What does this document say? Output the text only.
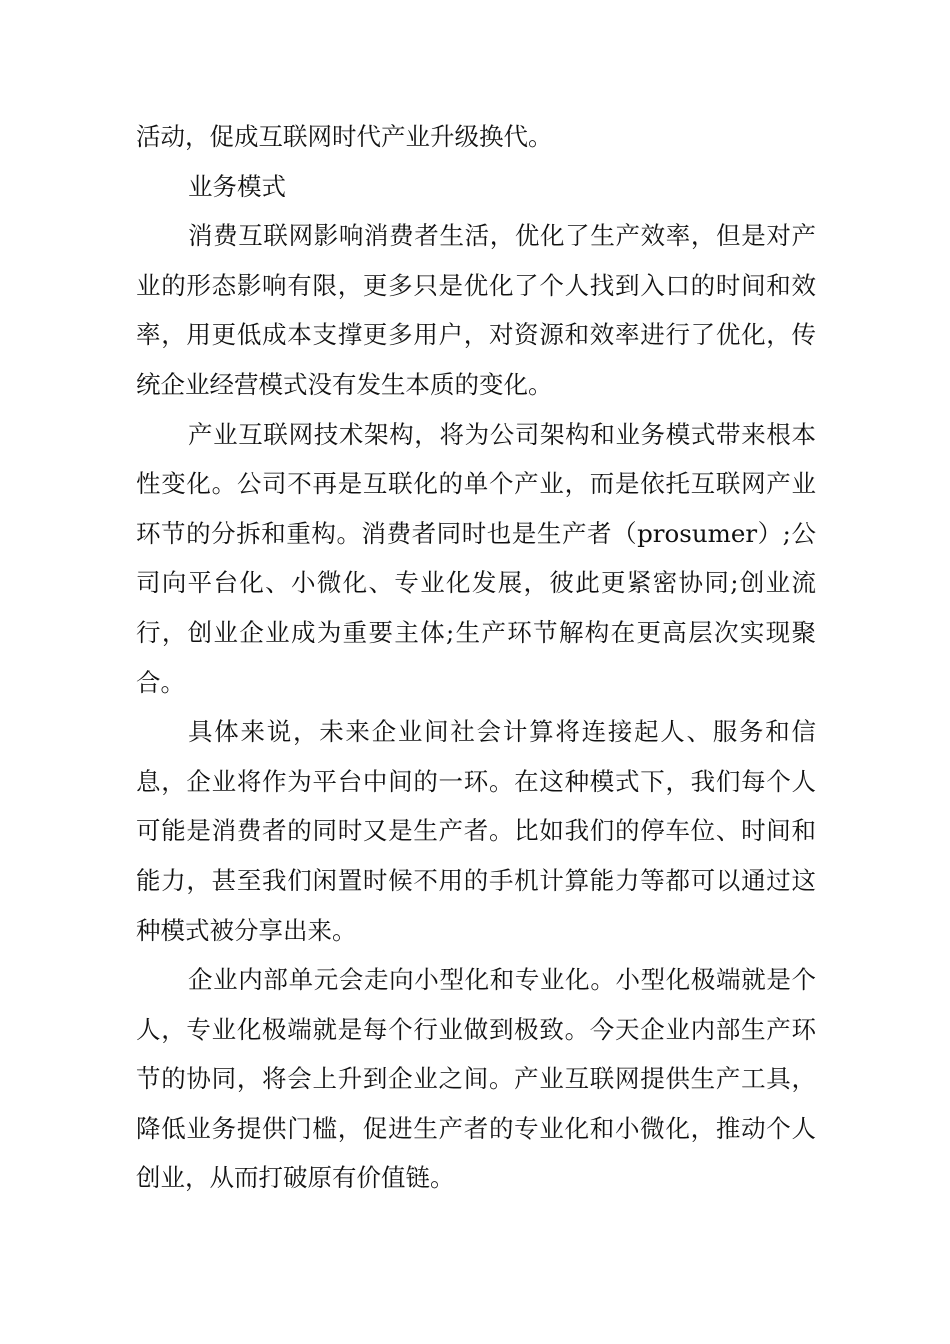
活动，促成互联网时代产业升级换代。

业务模式

消费互联网影响消费者生活，优化了生产效率，但是对产业的形态影响有限，更多只是优化了个人找到入口的时间和效率，用更低成本支撑更多用户，对资源和效率进行了优化，传统企业经营模式没有发生本质的变化。

产业互联网技术架构，将为公司架构和业务模式带来根本性变化。公司不再是互联化的单个产业，而是依托互联网产业环节的分拆和重构。消费者同时也是生产者（prosumer）;公司向平台化、小微化、专业化发展，彼此更紧密协同;创业流行，创业企业成为重要主体;生产环节解构在更高层次实现聚合。

具体来说，未来企业间社会计算将连接起人、服务和信息，企业将作为平台中间的一环。在这种模式下，我们每个人可能是消费者的同时又是生产者。比如我们的停车位、时间和能力，甚至我们闲置时候不用的手机计算能力等都可以通过这种模式被分享出来。

企业内部单元会走向小型化和专业化。小型化极端就是个人，专业化极端就是每个行业做到极致。今天企业内部生产环节的协同，将会上升到企业之间。产业互联网提供生产工具，降低业务提供门槛，促进生产者的专业化和小微化，推动个人创业，从而打破原有价值链。
